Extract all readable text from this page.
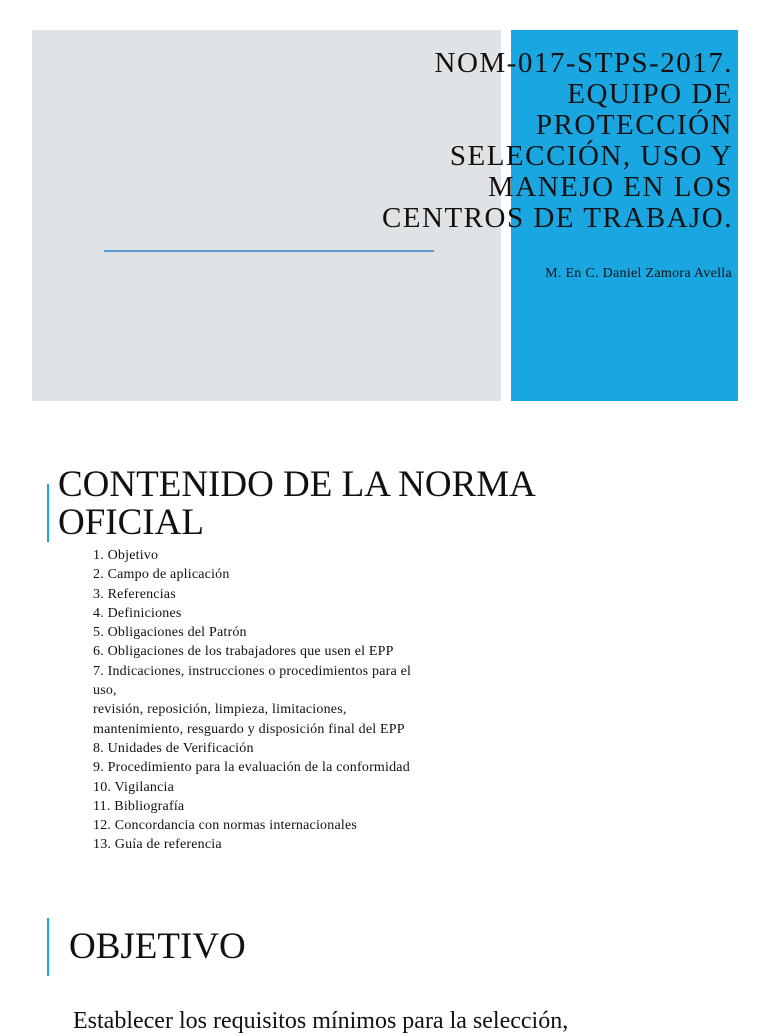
NOM-017-STPS-2017.
EQUIPO DE
PROTECCIÓN
SELECCIÓN, USO Y
MANEJO EN LOS
CENTROS DE TRABAJO.
M. En C. Daniel Zamora Avella
CONTENIDO DE LA NORMA
OFICIAL
1. Objetivo
2. Campo de aplicación
3. Referencias
4. Definiciones
5. Obligaciones del Patrón
6. Obligaciones de los trabajadores que usen el EPP
7. Indicaciones, instrucciones o procedimientos para el
uso,
revisión, reposición, limpieza, limitaciones,
mantenimiento, resguardo y disposición final del EPP
8. Unidades de Verificación
9. Procedimiento para la evaluación de la conformidad
10. Vigilancia
11. Bibliografía
12. Concordancia con normas internacionales
13. Guía de referencia
OBJETIVO

Establecer los requisitos mínimos para la selección,
